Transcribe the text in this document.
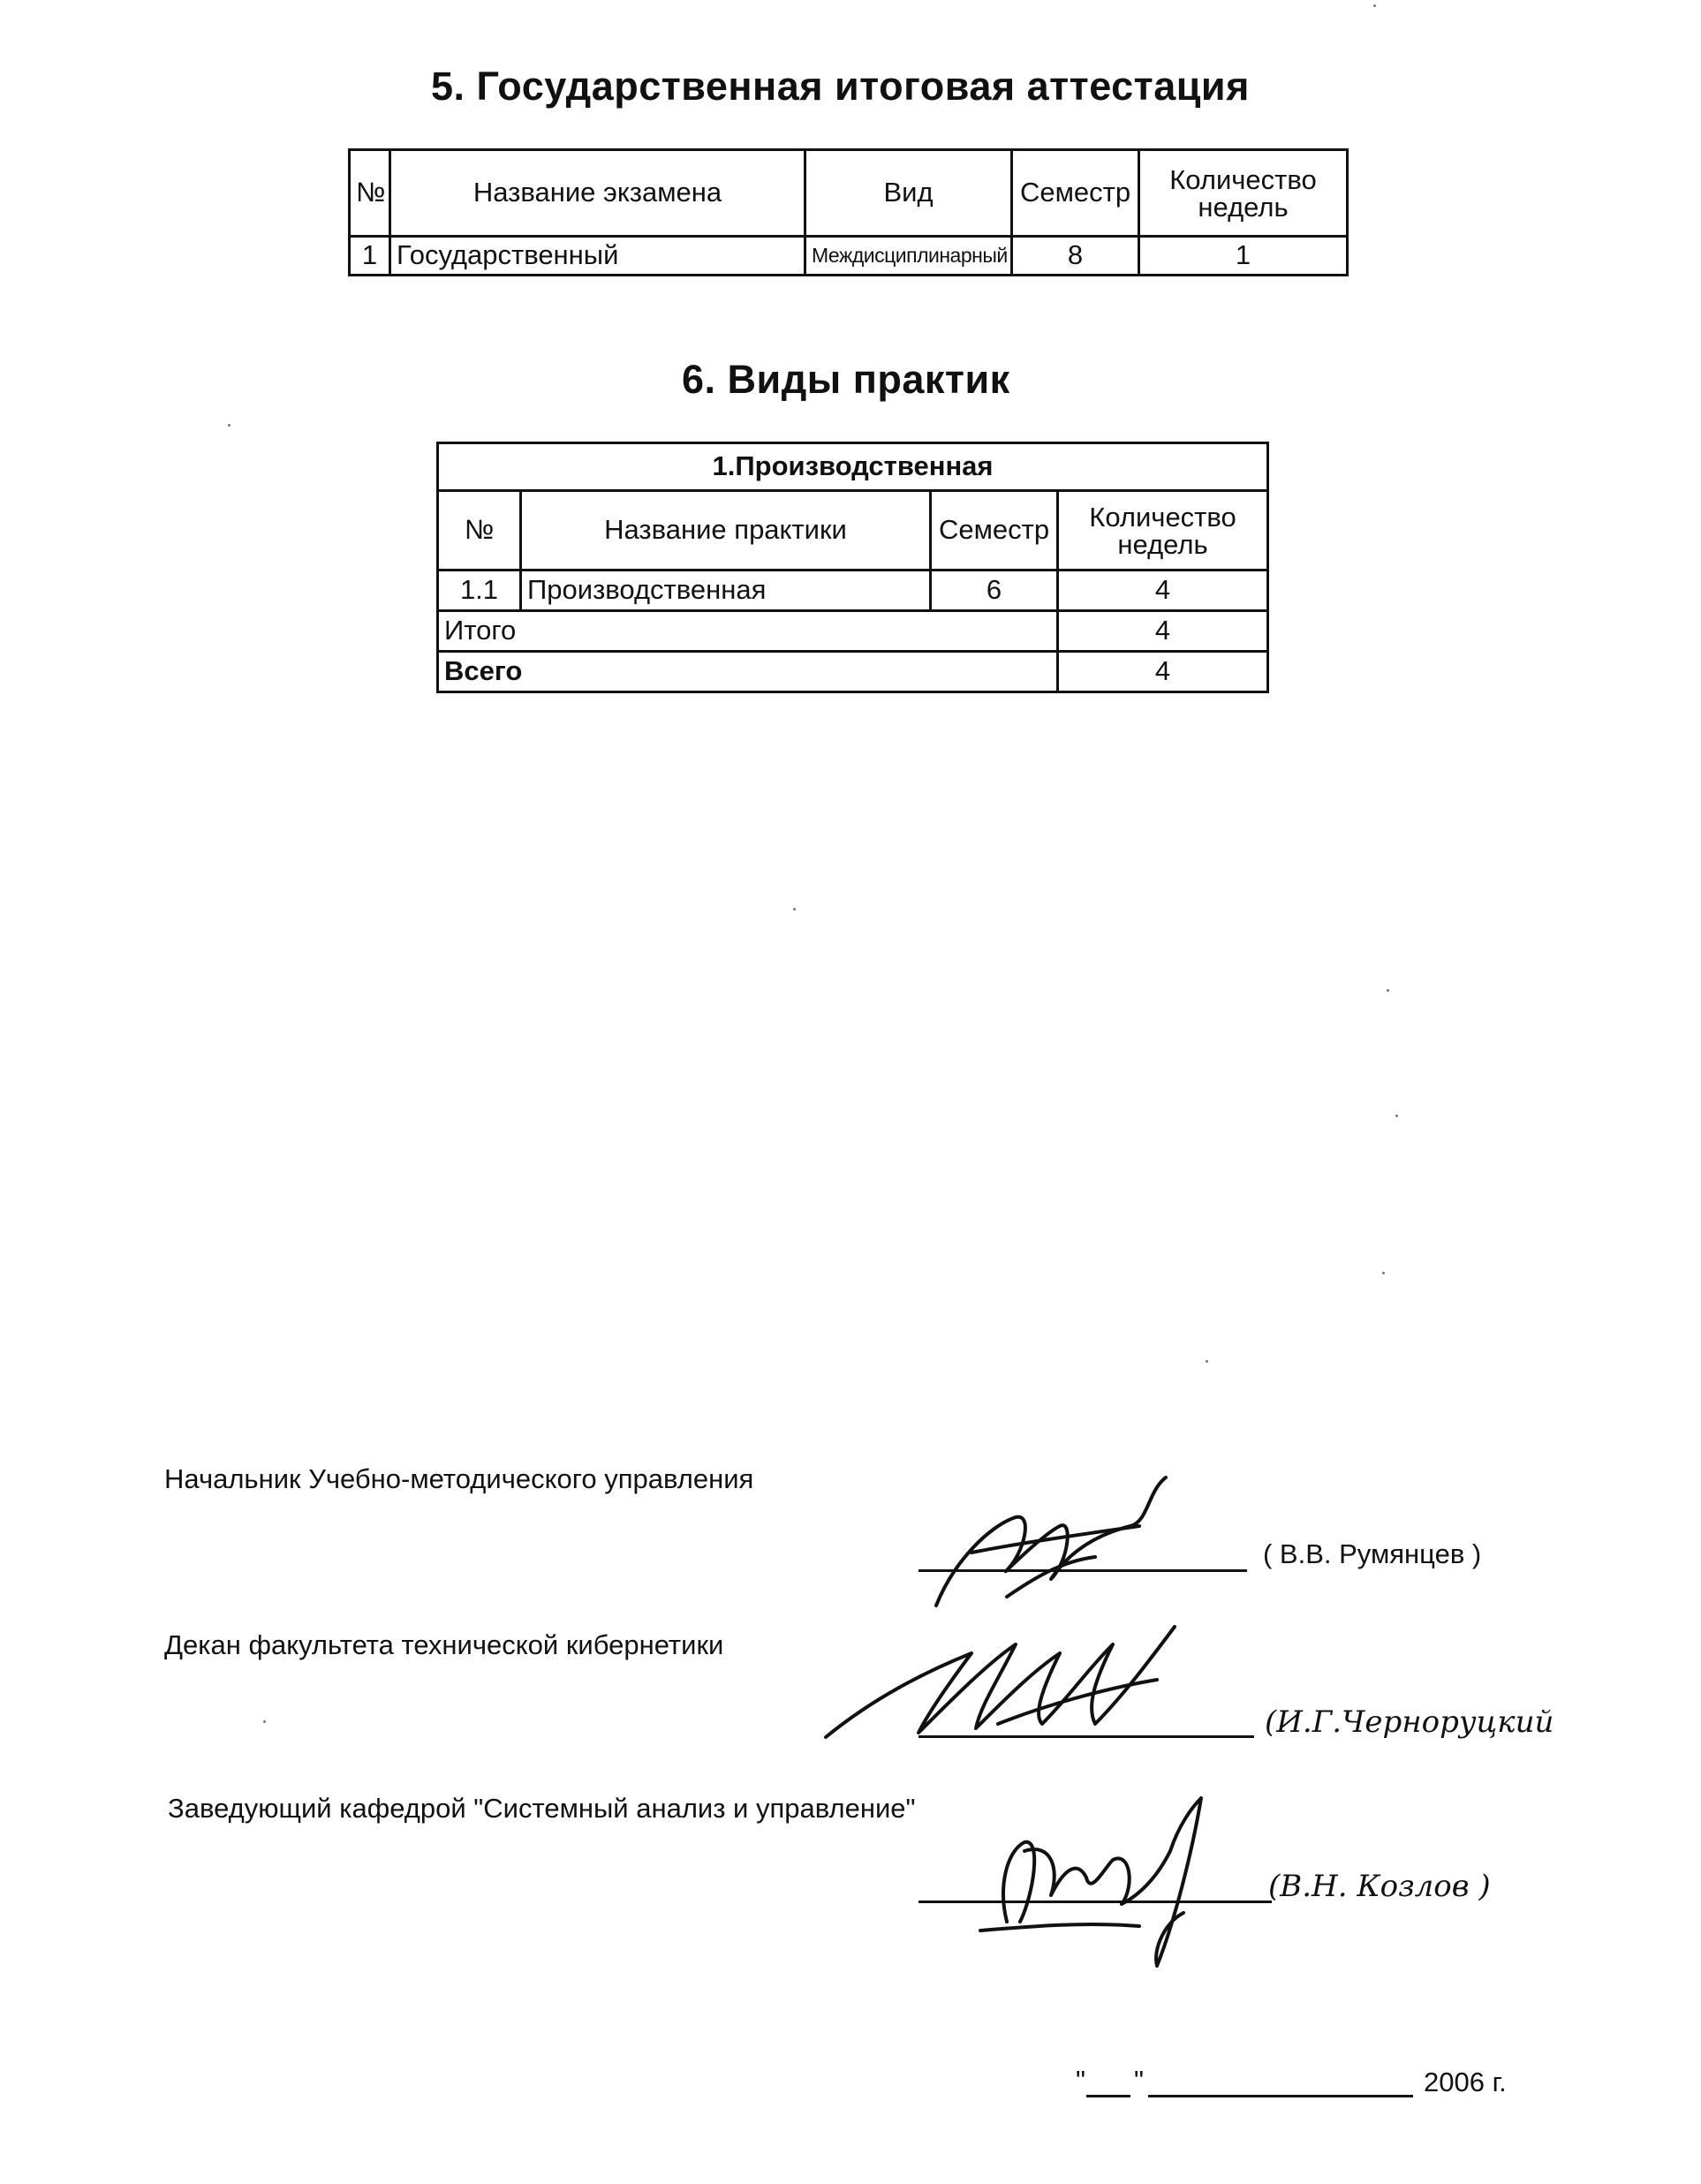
5. Государственная итоговая аттестация
№	Название экзамена	Вид	Семестр	Количество недель
1	Государственный	Междисциплинарный	8	1
6. Виды практик
1.Производственная			
№	Название практики	Семестр	Количество недель
1.1	Производственная	6	4
Итого			4
Всего			4
Начальник Учебно-методического управления
( В.В. Румянцев )
Декан факультета технической кибернетики
(И.Г.Черноруцкий
Заведующий кафедрой "Системный анализ и управление"
(В.Н. Козлов )
" "	2006 г.
